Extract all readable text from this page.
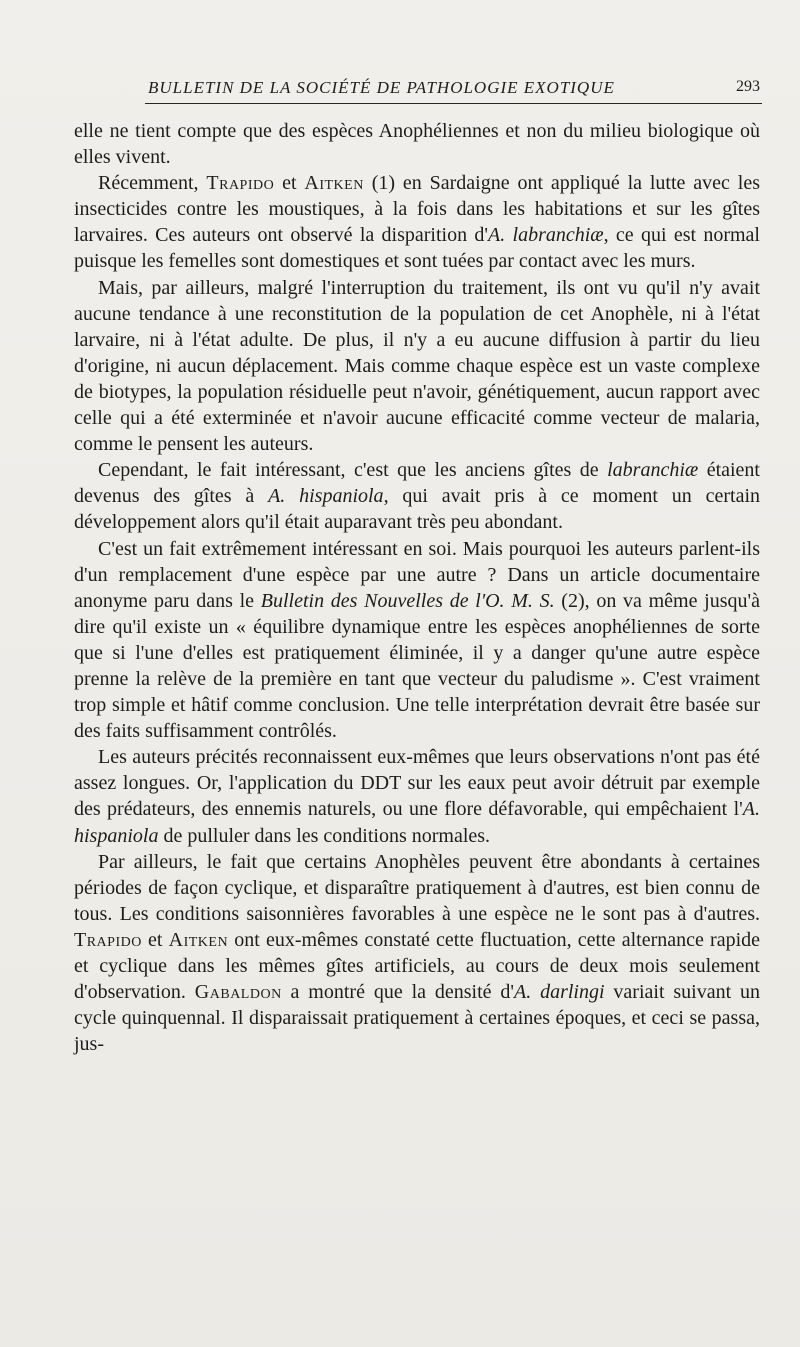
BULLETIN DE LA SOCIÉTÉ DE PATHOLOGIE EXOTIQUE	293

elle ne tient compte que des espèces Anophéliennes et non du milieu biologique où elles vivent.

Récemment, Trapido et Aitken (1) en Sardaigne ont appliqué la lutte avec les insecticides contre les moustiques, à la fois dans les habitations et sur les gîtes larvaires. Ces auteurs ont observé la disparition d'A. labranchiæ, ce qui est normal puisque les femelles sont domestiques et sont tuées par contact avec les murs.

Mais, par ailleurs, malgré l'interruption du traitement, ils ont vu qu'il n'y avait aucune tendance à une reconstitution de la population de cet Anophèle, ni à l'état larvaire, ni à l'état adulte. De plus, il n'y a eu aucune diffusion à partir du lieu d'origine, ni aucun déplacement. Mais comme chaque espèce est un vaste complexe de biotypes, la population résiduelle peut n'avoir, génétiquement, aucun rapport avec celle qui a été exterminée et n'avoir aucune efficacité comme vecteur de malaria, comme le pensent les auteurs.

Cependant, le fait intéressant, c'est que les anciens gîtes de labranchiæ étaient devenus des gîtes à A. hispaniola, qui avait pris à ce moment un certain développement alors qu'il était auparavant très peu abondant.

C'est un fait extrêmement intéressant en soi. Mais pourquoi les auteurs parlent-ils d'un remplacement d'une espèce par une autre ? Dans un article documentaire anonyme paru dans le Bulletin des Nouvelles de l'O. M. S. (2), on va même jusqu'à dire qu'il existe un « équilibre dynamique entre les espèces anophéliennes de sorte que si l'une d'elles est pratiquement éliminée, il y a danger qu'une autre espèce prenne la relève de la première en tant que vecteur du paludisme ». C'est vraiment trop simple et hâtif comme conclusion. Une telle interprétation devrait être basée sur des faits suffisamment contrôlés.

Les auteurs précités reconnaissent eux-mêmes que leurs observations n'ont pas été assez longues. Or, l'application du DDT sur les eaux peut avoir détruit par exemple des prédateurs, des ennemis naturels, ou une flore défavorable, qui empêchaient l'A. hispaniola de pulluler dans les conditions normales.

Par ailleurs, le fait que certains Anophèles peuvent être abondants à certaines périodes de façon cyclique, et disparaître pratiquement à d'autres, est bien connu de tous. Les conditions saisonnières favorables à une espèce ne le sont pas à d'autres. Trapido et Aitken ont eux-mêmes constaté cette fluctuation, cette alternance rapide et cyclique dans les mêmes gîtes artificiels, au cours de deux mois seulement d'observation. Gabaldon a montré que la densité d'A. darlingi variait suivant un cycle quinquennal. Il disparaissait pratiquement à certaines époques, et ceci se passa, jus-
